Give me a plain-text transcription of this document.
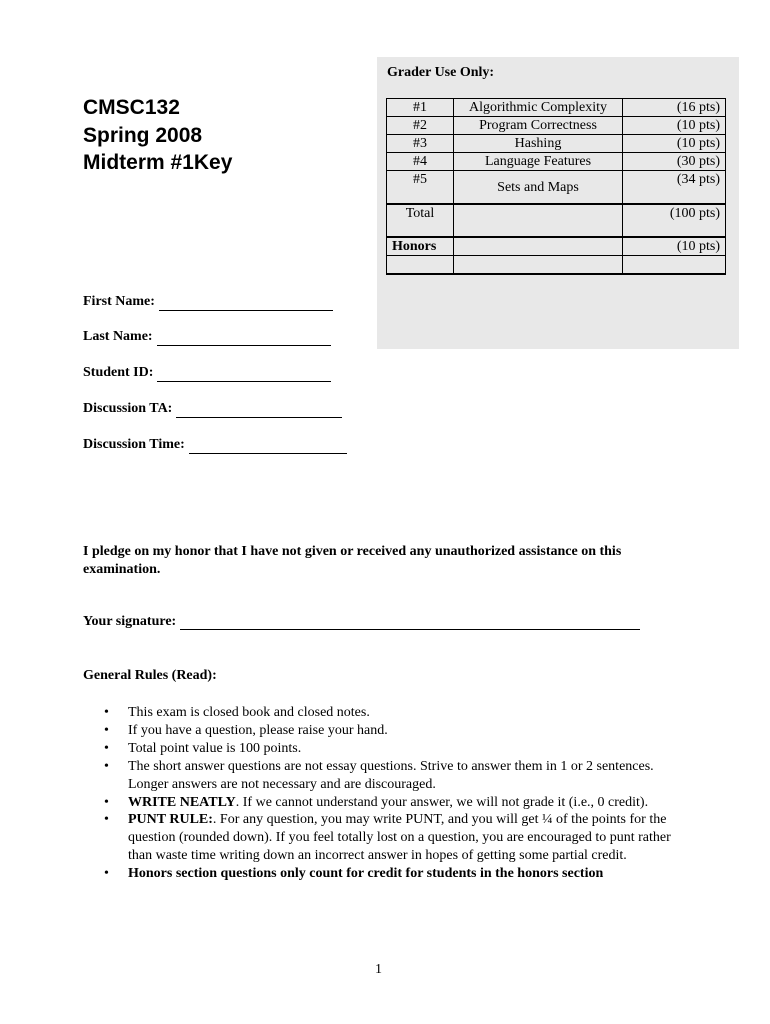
CMSC132
Spring 2008
Midterm #1Key
Grader Use Only:
#1	Algorithmic Complexity	(16 pts)
#2	Program Correctness	(10 pts)
#3	Hashing	(10 pts)
#4	Language Features	(30 pts)
#5	Sets and Maps	(34 pts)
Total		(100 pts)
Honors		(10 pts)

First Name:
Last Name:
Student ID:
Discussion TA:
Discussion Time:

I pledge on my honor that I have not given or received any unauthorized assistance on this examination.

Your signature:
General Rules (Read):
• This exam is closed book and closed notes.
• If you have a question, please raise your hand.
• Total point value is 100 points.
• The short answer questions are not essay questions. Strive to answer them in 1 or 2 sentences. Longer answers are not necessary and are discouraged.
• WRITE NEATLY. If we cannot understand your answer, we will not grade it (i.e., 0 credit).
• PUNT RULE:. For any question, you may write PUNT, and you will get ¼ of the points for the question (rounded down). If you feel totally lost on a question, you are encouraged to punt rather than waste time writing down an incorrect answer in hopes of getting some partial credit.
• Honors section questions only count for credit for students in the honors section
1
